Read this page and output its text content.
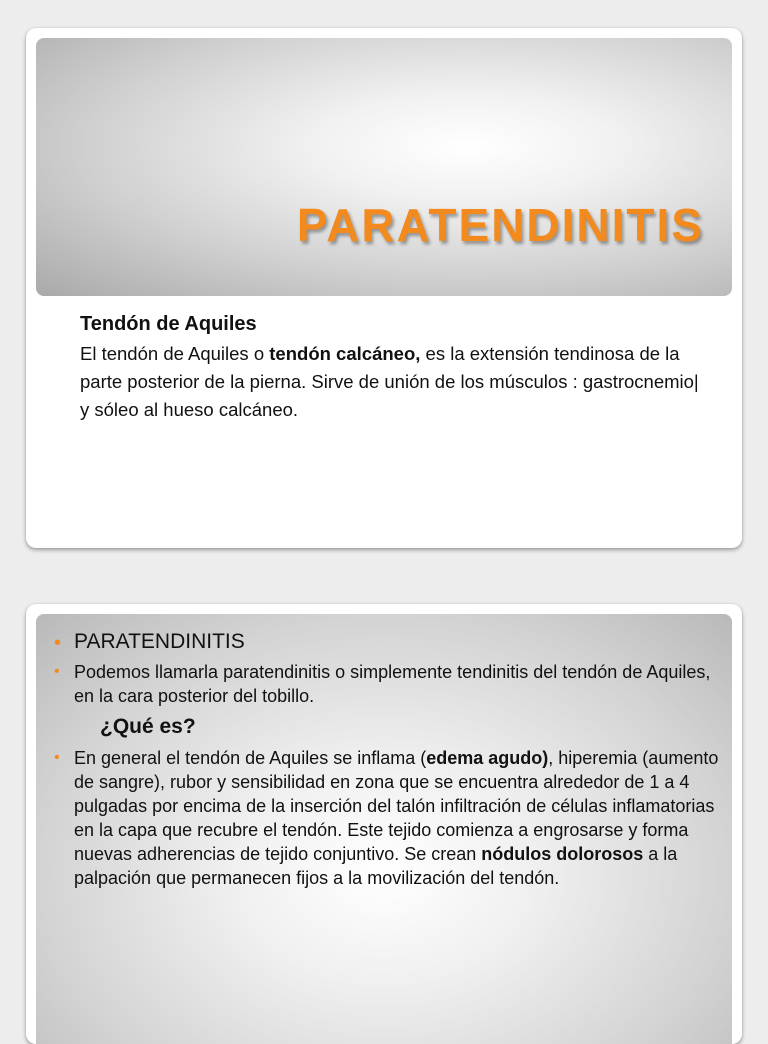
PARATENDINITIS
Tendón de Aquiles

El tendón de Aquiles o tendón calcáneo, es la extensión tendinosa de la parte posterior de la pierna. Sirve de unión de los músculos : gastrocnemio|
y sóleo al hueso calcáneo.

• PARATENDINITIS
• Podemos llamarla paratendinitis o simplemente tendinitis del tendón de Aquiles, en la cara posterior del tobillo.
¿Qué es?
• En general el tendón de Aquiles se inflama (edema agudo), hiperemia (aumento de sangre), rubor y sensibilidad en zona que se encuentra alrededor de 1 a 4 pulgadas por encima de la inserción del talón infiltración de células inflamatorias en la capa que recubre el tendón. Este tejido comienza a engrosarse y forma nuevas adherencias de tejido conjuntivo. Se crean nódulos dolorosos a la palpación que permanecen fijos a la movilización del tendón.
